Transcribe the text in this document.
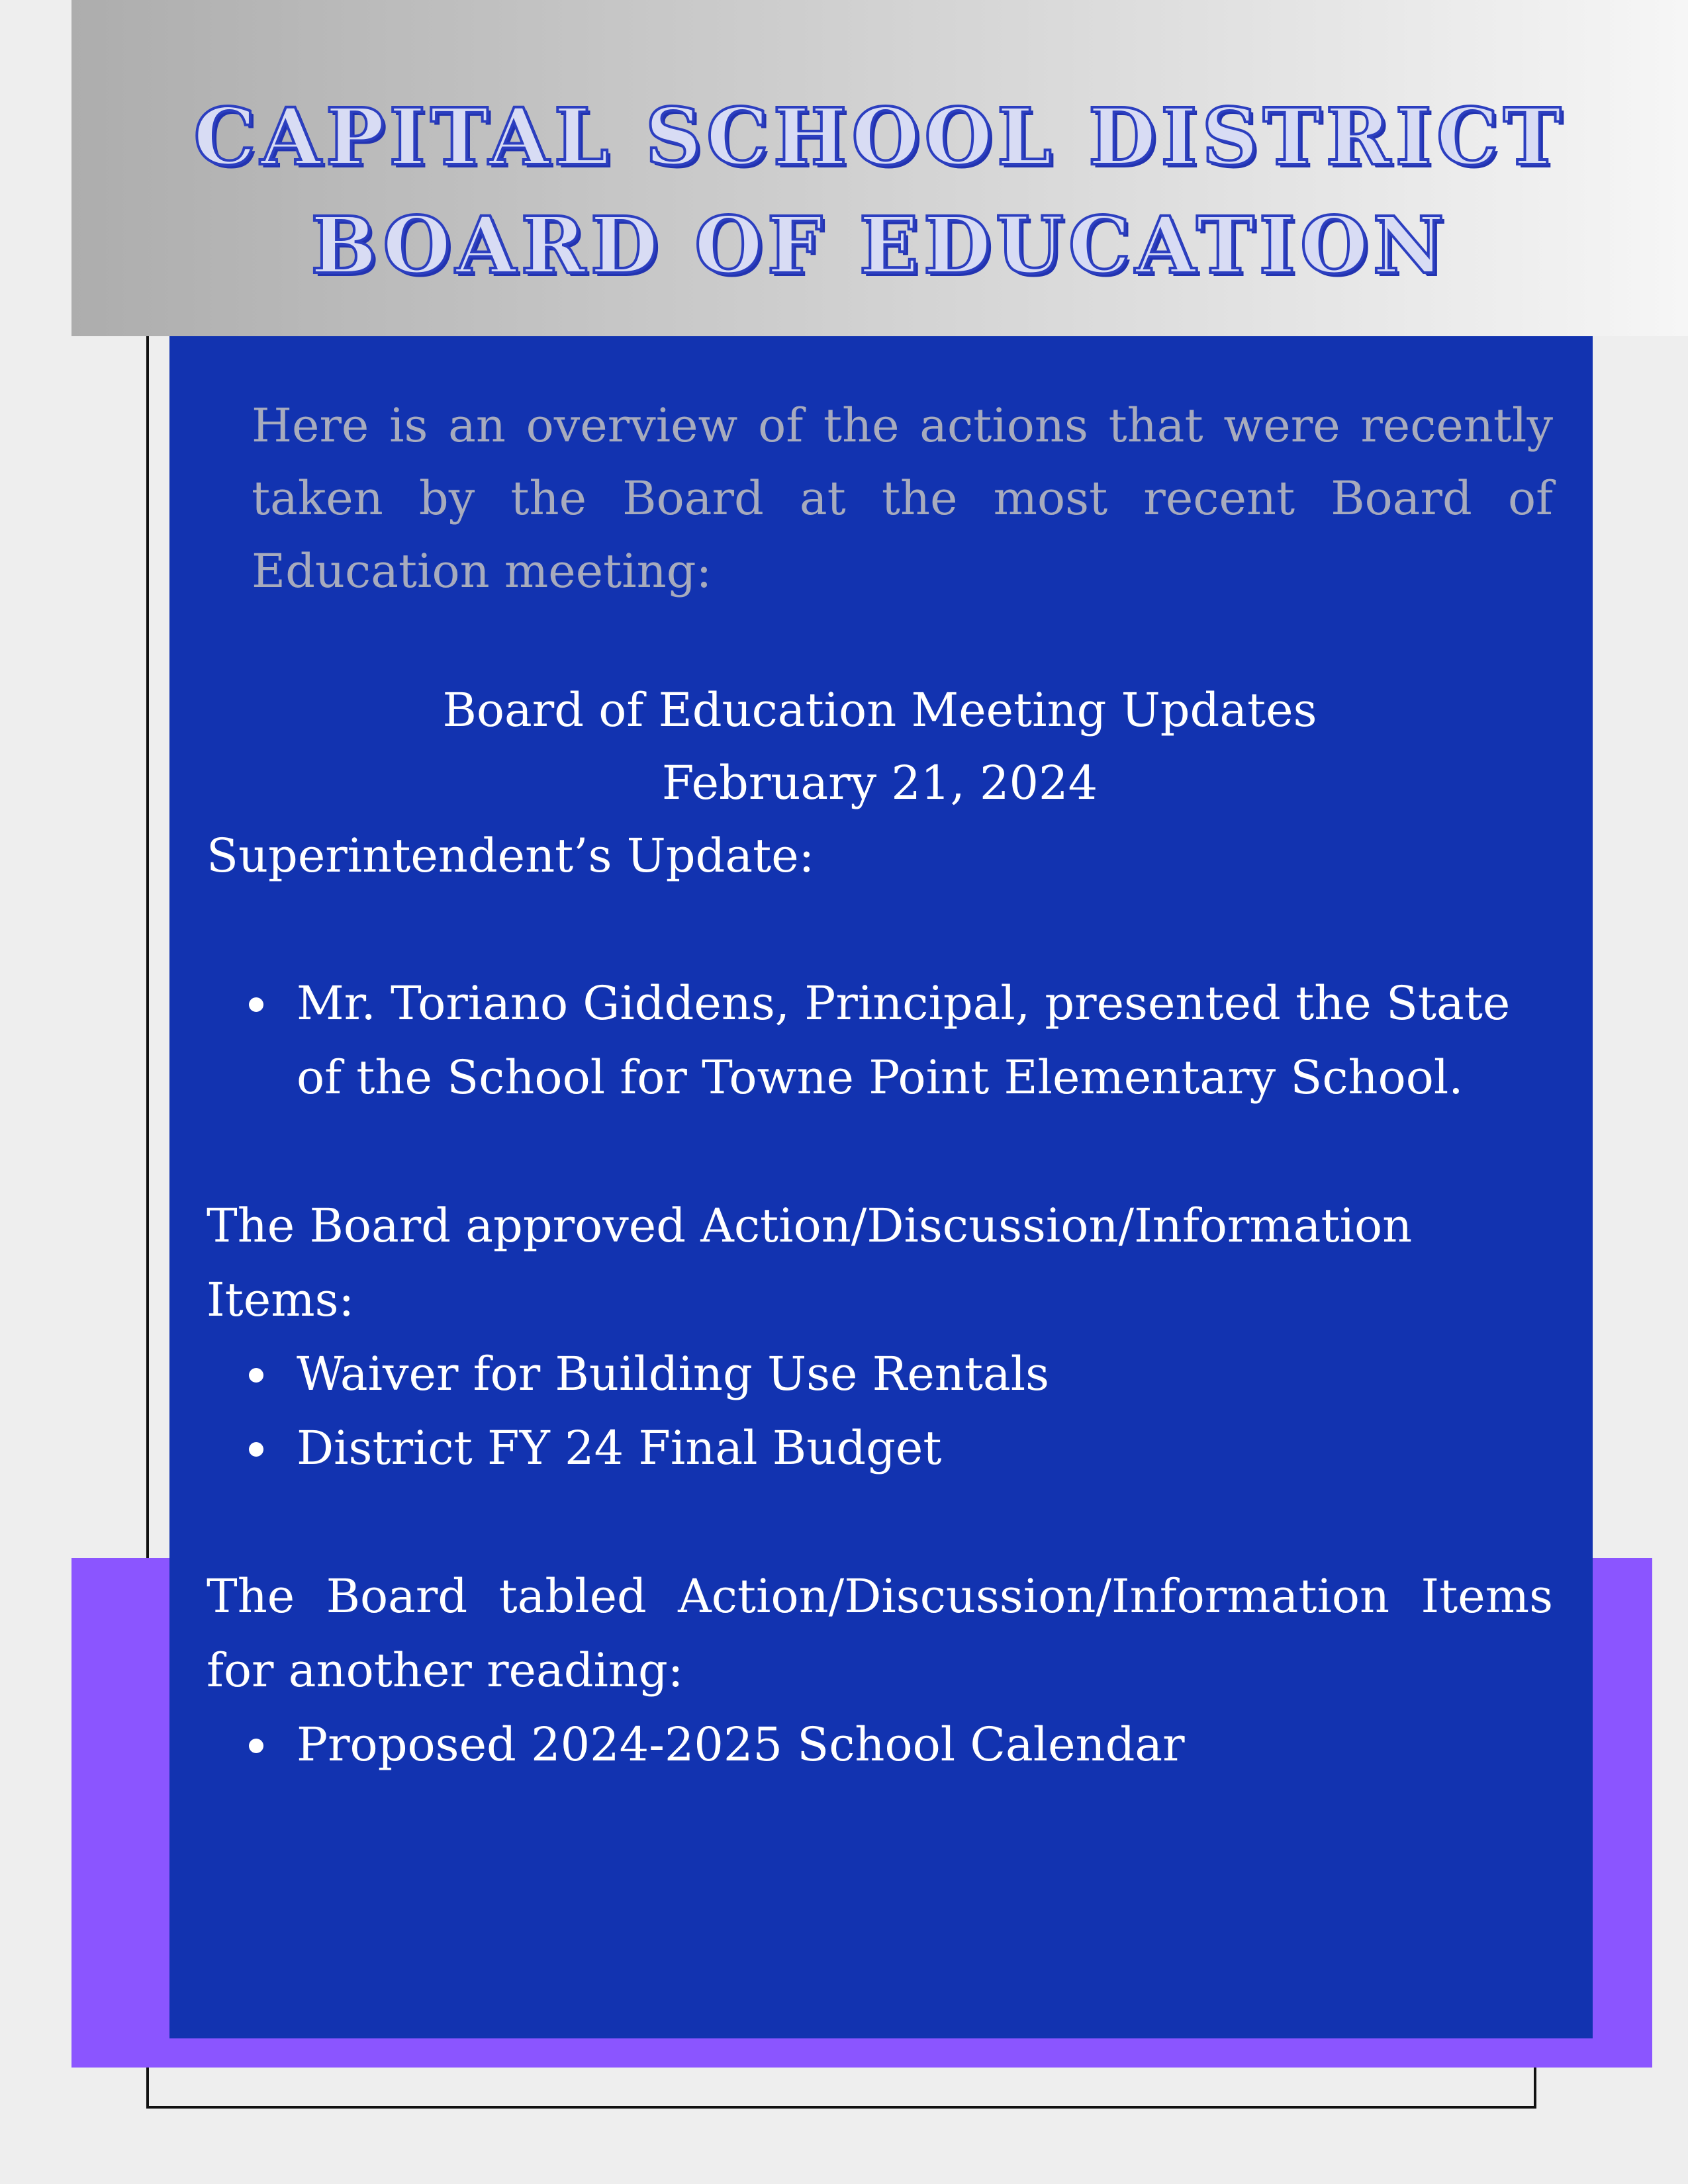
CAPITAL SCHOOL DISTRICT
BOARD OF EDUCATION

Here is an overview of the actions that were recently taken by the Board at the most recent Board of Education meeting:

Board of Education Meeting Updates
February 21, 2024

Superintendent’s Update:

Mr. Toriano Giddens, Principal, presented the State of the School for Towne Point Elementary School.

The Board approved Action/Discussion/Information Items:

Waiver for Building Use Rentals
District FY 24 Final Budget

The Board tabled Action/Discussion/Information Items for another reading:

Proposed 2024-2025 School Calendar
